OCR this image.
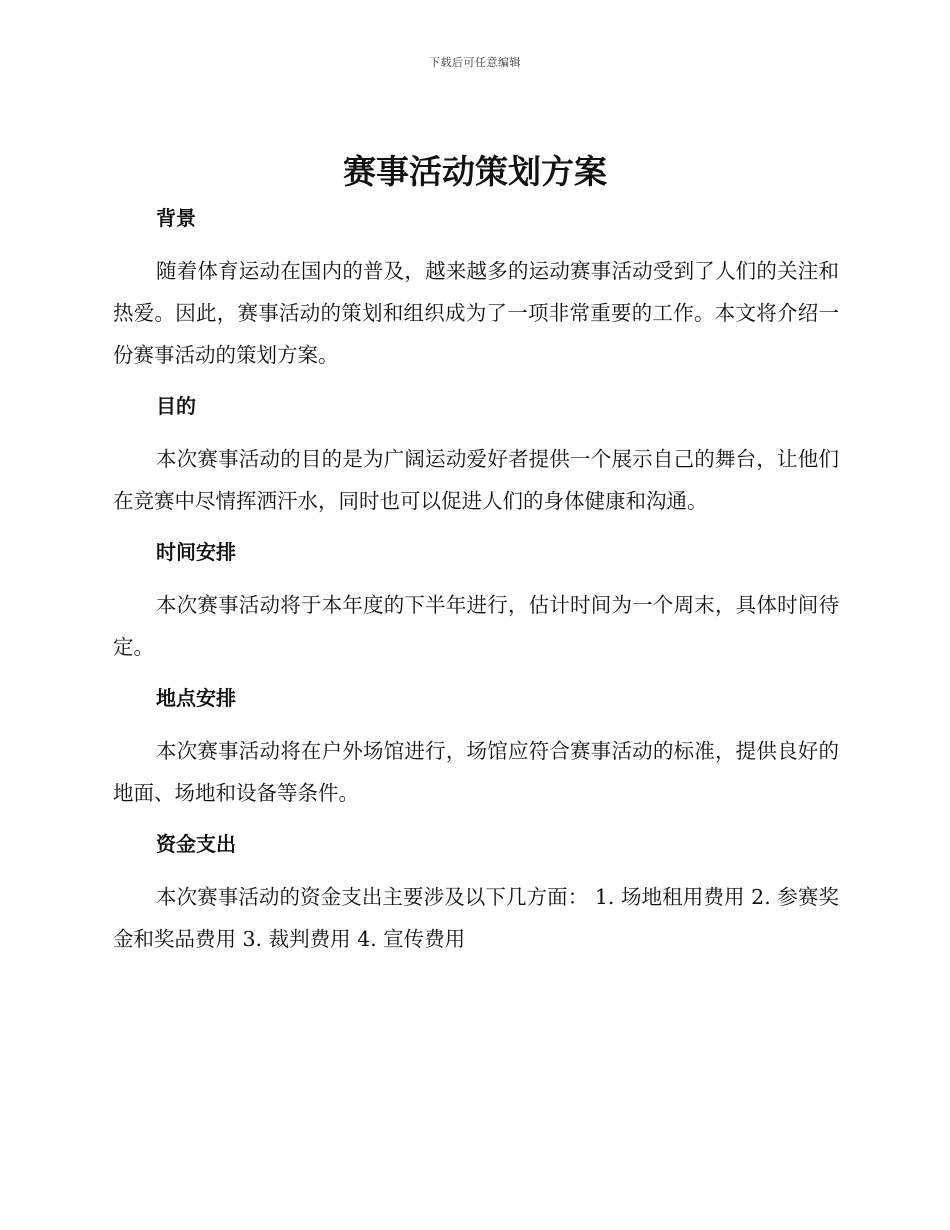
下载后可任意编辑
赛事活动策划方案
背景

随着体育运动在国内的普及，越来越多的运动赛事活动受到了人们的关注和热爱。因此，赛事活动的策划和组织成为了一项非常重要的工作。本文将介绍一份赛事活动的策划方案。

目的

本次赛事活动的目的是为广阔运动爱好者提供一个展示自己的舞台，让他们在竞赛中尽情挥洒汗水，同时也可以促进人们的身体健康和沟通。

时间安排

本次赛事活动将于本年度的下半年进行，估计时间为一个周末，具体时间待定。

地点安排

本次赛事活动将在户外场馆进行，场馆应符合赛事活动的标准，提供良好的地面、场地和设备等条件。

资金支出

本次赛事活动的资金支出主要涉及以下几方面： 1. 场地租用费用 2. 参赛奖金和奖品费用 3. 裁判费用 4. 宣传费用
